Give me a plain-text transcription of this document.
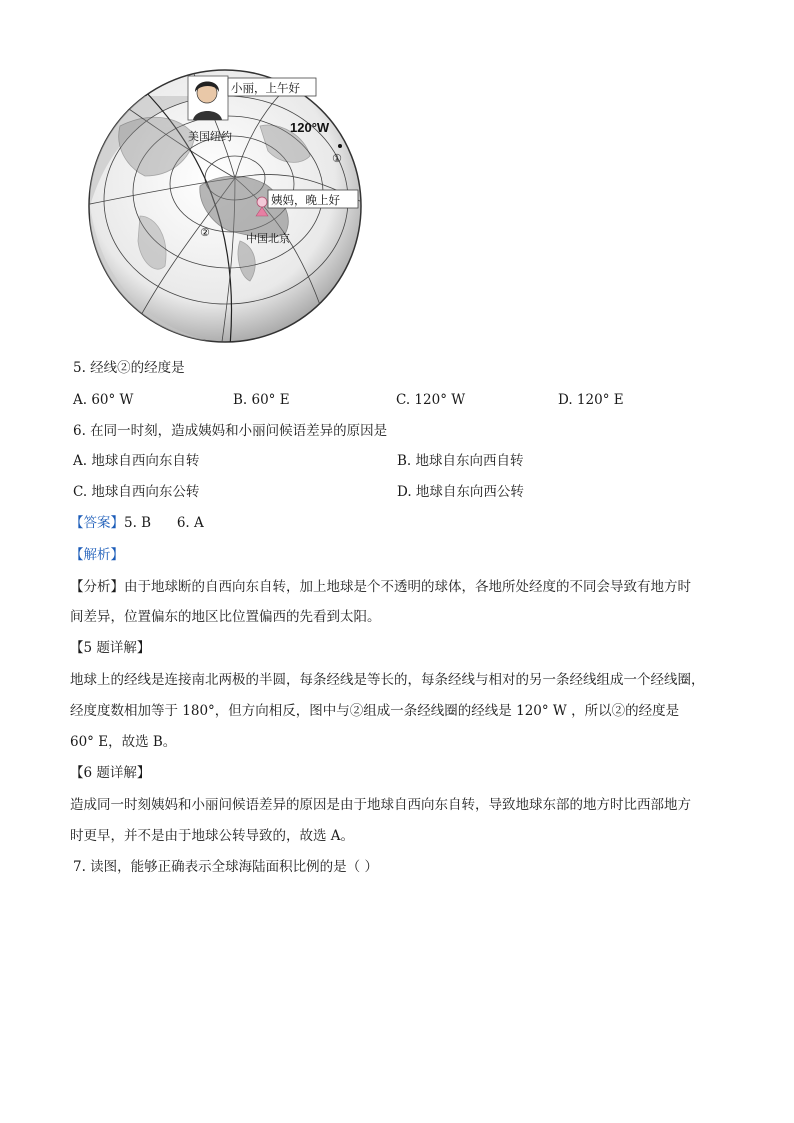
小丽，上午好
美国纽约
120°W
①
姨妈，晚上好
②	中国北京
5. 经线②的经度是
A. 60° W	B. 60° E	C. 120° W	D. 120° E
6. 在同一时刻，造成姨妈和小丽问候语差异的原因是
A. 地球自西向东自转	B. 地球自东向西自转
C. 地球自西向东公转	D. 地球自东向西公转
【答案】5. B      6. A
【解析】
【分析】由于地球断的自西向东自转，加上地球是个不透明的球体，各地所处经度的不同会导致有地方时
间差异，位置偏东的地区比位置偏西的先看到太阳。
【5 题详解】
地球上的经线是连接南北两极的半圆，每条经线是等长的，每条经线与相对的另一条经线组成一个经线圈，
经度度数相加等于 180°，但方向相反，图中与②组成一条经线圈的经线是 120° W ，所以②的经度是
60° E，故选 B。
【6 题详解】
造成同一时刻姨妈和小丽问候语差异的原因是由于地球自西向东自转，导致地球东部的地方时比西部地方
时更早，并不是由于地球公转导致的，故选 A。
7. 读图，能够正确表示全球海陆面积比例的是（ ）
